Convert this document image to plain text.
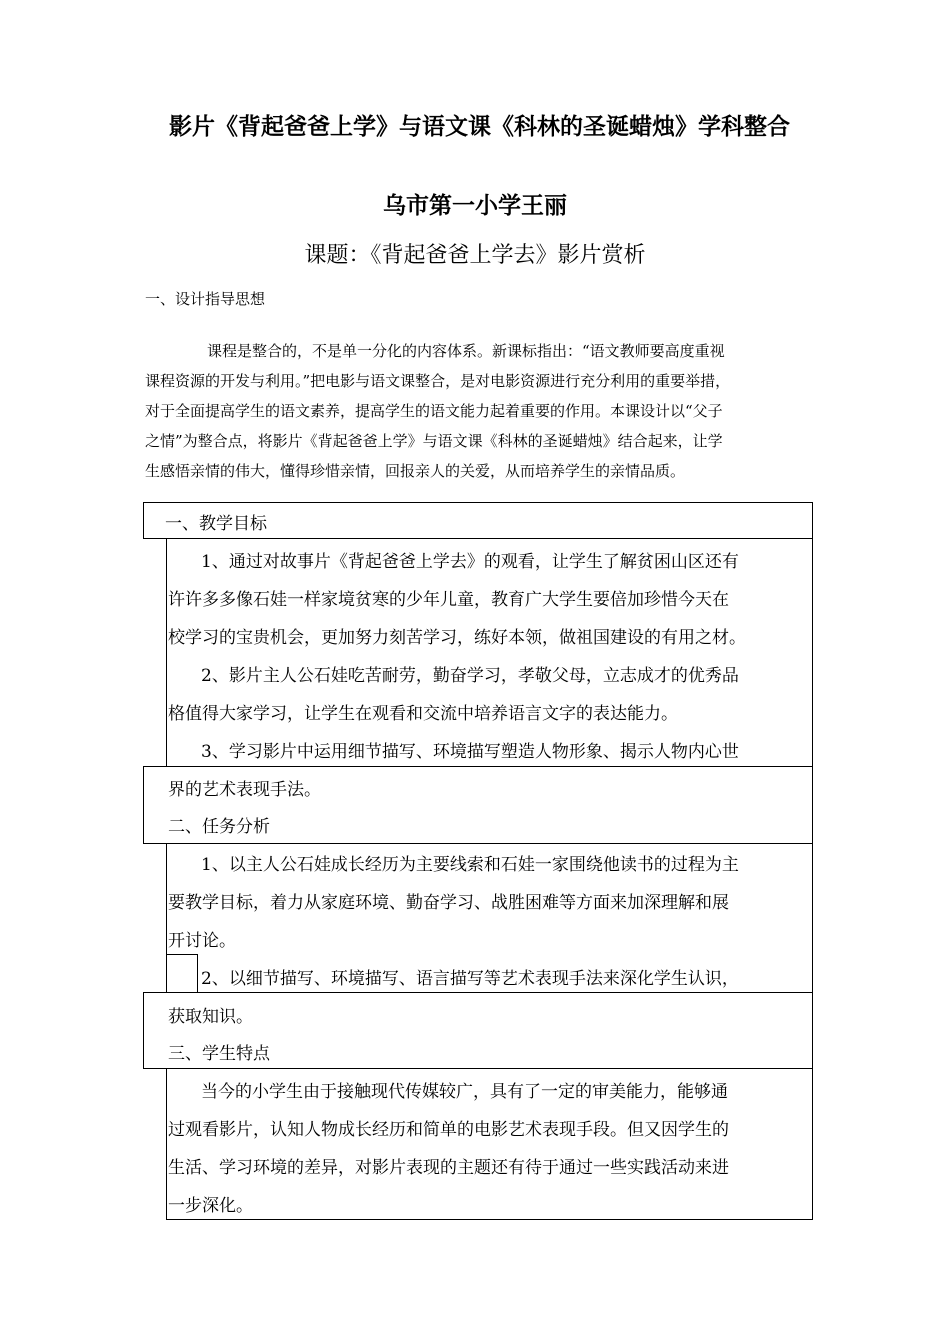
影片《背起爸爸上学》与语文课《科林的圣诞蜡烛》学科整合
乌市第一小学王丽
课题：《背起爸爸上学去》影片赏析
一、设计指导思想

课程是整合的，不是单一分化的内容体系。新课标指出：“语文教师要高度重视

课程资源的开发与利用。”把电影与语文课整合，是对电影资源进行充分利用的重要举措，

对于全面提高学生的语文素养，提高学生的语文能力起着重要的作用。本课设计以“父子

之情”为整合点，将影片《背起爸爸上学》与语文课《科林的圣诞蜡烛》结合起来，让学

生感悟亲情的伟大，懂得珍惜亲情，回报亲人的关爱，从而培养学生的亲情品质。

一、教学目标
1、通过对故事片《背起爸爸上学去》的观看，让学生了解贫困山区还有
许许多多像石娃一样家境贫寒的少年儿童，教育广大学生要倍加珍惜今天在
校学习的宝贵机会，更加努力刻苦学习，练好本领，做祖国建设的有用之材。
2、影片主人公石娃吃苦耐劳，勤奋学习，孝敬父母，立志成才的优秀品
格值得大家学习，让学生在观看和交流中培养语言文字的表达能力。
3、学习影片中运用细节描写、环境描写塑造人物形象、揭示人物内心世
界的艺术表现手法。
二、任务分析
1、以主人公石娃成长经历为主要线索和石娃一家围绕他读书的过程为主
要教学目标，着力从家庭环境、勤奋学习、战胜困难等方面来加深理解和展
开讨论。
2、以细节描写、环境描写、语言描写等艺术表现手法来深化学生认识，
获取知识。
三、学生特点
当今的小学生由于接触现代传媒较广，具有了一定的审美能力，能够通
过观看影片，认知人物成长经历和简单的电影艺术表现手段。但又因学生的
生活、学习环境的差异，对影片表现的主题还有待于通过一些实践活动来进
一步深化。
